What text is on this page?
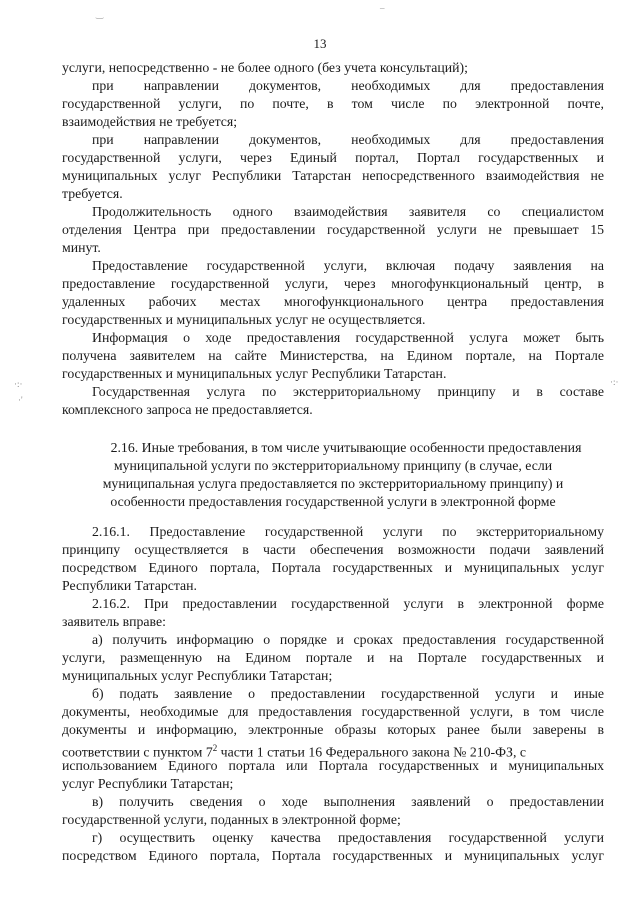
‿	¯
·:·
·'
·:·
13
услуги, непосредственно - не более одного (без учета консультаций);
при направлении документов, необходимых для предоставления
государственной услуги, по почте, в том числе по электронной почте,
взаимодействия не требуется;
при направлении документов, необходимых для предоставления
государственной услуги, через Единый портал, Портал государственных и
муниципальных услуг Республики Татарстан непосредственного взаимодействия не
требуется.
Продолжительность одного взаимодействия заявителя со специалистом
отделения Центра при предоставлении государственной услуги не превышает 15
минут.
Предоставление государственной услуги, включая подачу заявления на
предоставление государственной услуги, через многофункциональный центр, в
удаленных рабочих местах многофункционального центра предоставления
государственных и муниципальных услуг не осуществляется.
Информация о ходе предоставления государственной услуга может быть
получена заявителем на сайте Министерства, на Едином портале, на Портале
государственных и муниципальных услуг Республики Татарстан.
Государственная услуга по экстерриториальному принципу и в составе
комплексного запроса не предоставляется.
2.16. Иные требования, в том числе учитывающие особенности предоставления
муниципальной услуги по экстерриториальному принципу (в случае, если
муниципальная услуга предоставляется по экстерриториальному принципу) и
особенности предоставления государственной услуги в электронной форме
2.16.1. Предоставление государственной услуги по экстерриториальному
принципу осуществляется в части обеспечения возможности подачи заявлений
посредством Единого портала, Портала государственных и муниципальных услуг
Республики Татарстан.
2.16.2. При предоставлении государственной услуги в электронной форме
заявитель вправе:
а) получить информацию о порядке и сроках предоставления государственной
услуги, размещенную на Едином портале и на Портале государственных и
муниципальных услуг Республики Татарстан;
б) подать заявление о предоставлении государственной услуги и иные
документы, необходимые для предоставления государственной услуги, в том числе
документы и информацию, электронные образы которых ранее были заверены в
соответствии с пунктом $7^2$ части 1 статьи 16 Федерального закона № 210-ФЗ, с
использованием Единого портала или Портала государственных и муниципальных
услуг Республики Татарстан;
в) получить сведения о ходе выполнения заявлений о предоставлении
государственной услуги, поданных в электронной форме;
г) осуществить оценку качества предоставления государственной услуги
посредством Единого портала, Портала государственных и муниципальных услуг
